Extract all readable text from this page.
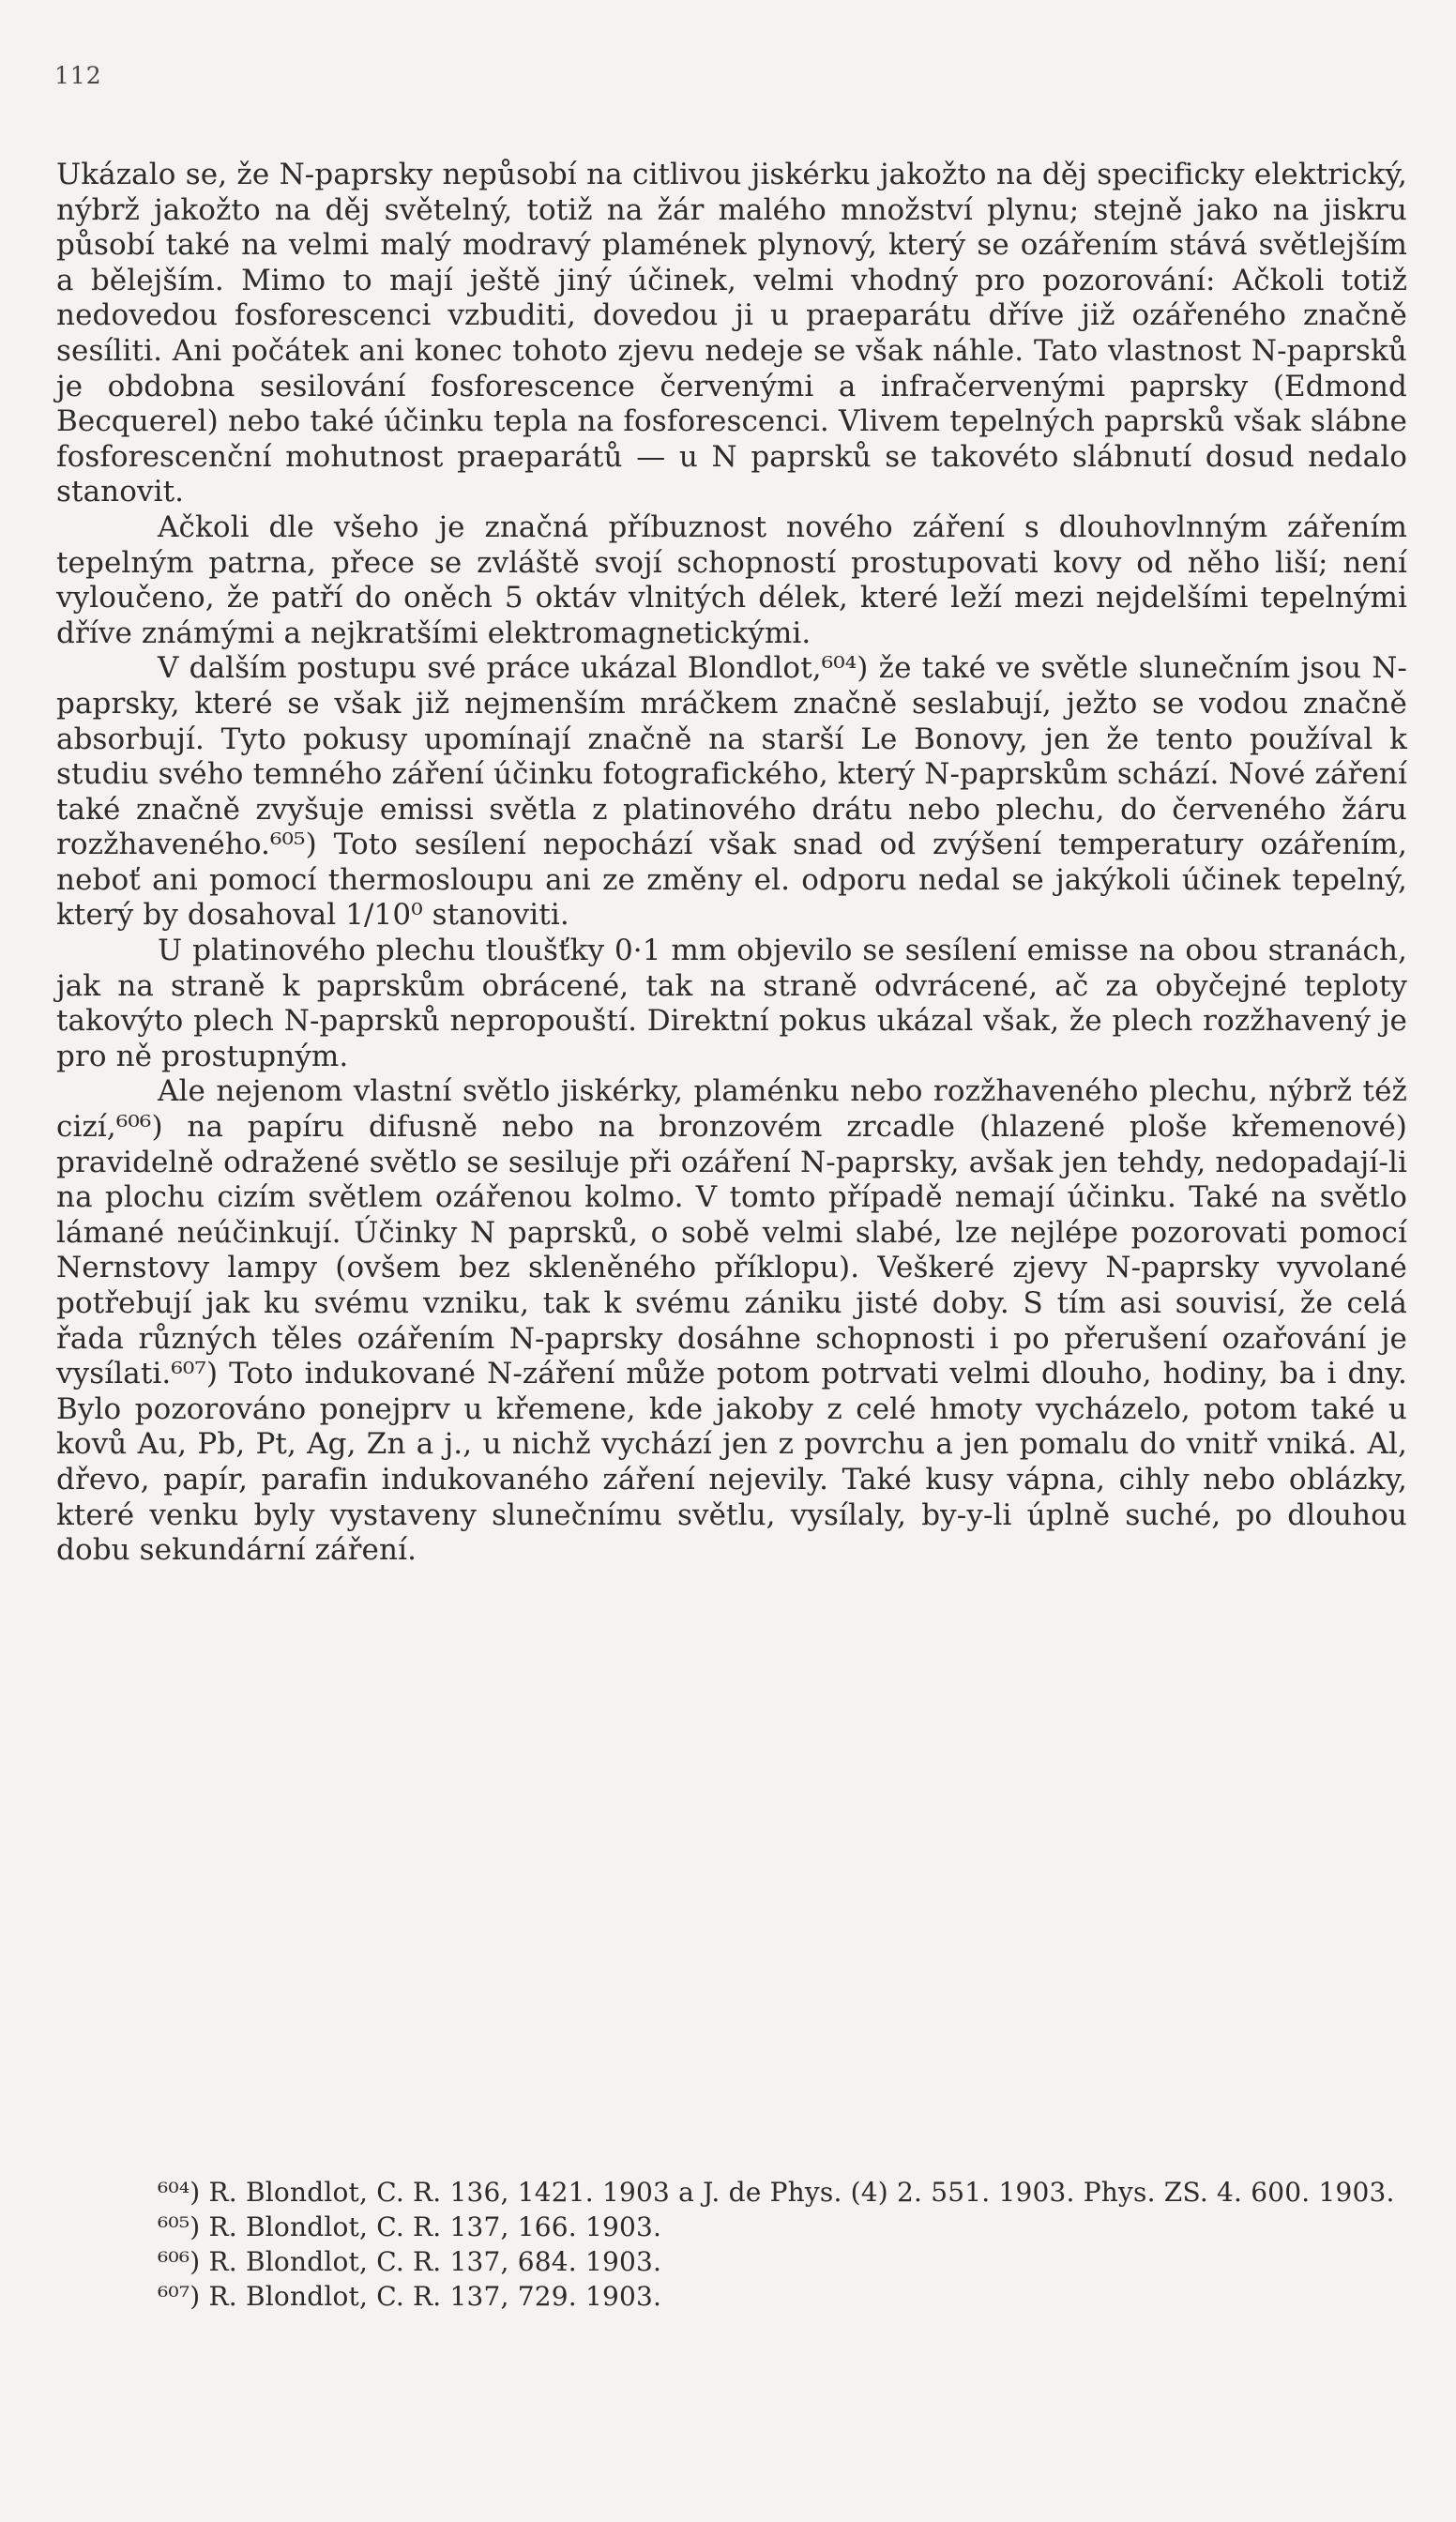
112

Ukázalo se, že N-paprsky nepůsobí na citlivou jiskérku jakožto na děj specificky elektrický, nýbrž jakožto na děj světelný, totiž na žár malého množství plynu; stejně jako na jiskru působí také na velmi malý modravý plamének plynový, který se ozářením stává světlejším a bělejším. Mimo to mají ještě jiný účinek, velmi vhodný pro pozorování: Ačkoli totiž nedovedou fosforescenci vzbuditi, dovedou ji u praeparátu dříve již ozářeného značně sesíliti. Ani počátek ani konec tohoto zjevu nedeje se však náhle. Tato vlastnost N-paprsků je obdobna sesilování fosforescence červenými a infračervenými paprsky (Edmond Becquerel) nebo také účinku tepla na fosforescenci. Vlivem tepelných paprsků však slábne fosforescenční mohutnost praeparátů — u N paprsků se takovéto slábnutí dosud nedalo stanovit.

Ačkoli dle všeho je značná příbuznost nového záření s dlouhovlnným zářením tepelným patrna, přece se zvláště svojí schopností prostupovati kovy od něho liší; není vyloučeno, že patří do oněch 5 oktáv vlnitých délek, které leží mezi nejdelšími tepelnými dříve známými a nejkratšími elektromagnetickými.

V dalším postupu své práce ukázal Blondlot,⁶⁰⁴) že také ve světle slunečním jsou N-paprsky, které se však již nejmenším mráčkem značně seslabují, ježto se vodou značně absorbují. Tyto pokusy upomínají značně na starší Le Bonovy, jen že tento používal k studiu svého temného záření účinku fotografického, který N-paprskům schází. Nové záření také značně zvyšuje emissi světla z platinového drátu nebo plechu, do červeného žáru rozžhaveného.⁶⁰⁵) Toto sesílení nepochází však snad od zvýšení temperatury ozářením, neboť ani pomocí thermosloupu ani ze změny el. odporu nedal se jakýkoli účinek tepelný, který by dosahoval 1/10⁰ stanoviti.

U platinového plechu tloušťky 0·1 mm objevilo se sesílení emisse na obou stranách, jak na straně k paprskům obrácené, tak na straně odvrácené, ač za obyčejné teploty takovýto plech N-paprsků nepropouští. Direktní pokus ukázal však, že plech rozžhavený je pro ně prostupným.

Ale nejenom vlastní světlo jiskérky, plaménku nebo rozžhaveného plechu, nýbrž též cizí,⁶⁰⁶) na papíru difusně nebo na bronzovém zrcadle (hlazené ploše křemenové) pravidelně odražené světlo se sesiluje při ozáření N-paprsky, avšak jen tehdy, nedopadají-li na plochu cizím světlem ozářenou kolmo. V tomto případě nemají účinku. Také na světlo lámané neúčinkují. Účinky N paprsků, o sobě velmi slabé, lze nejlépe pozorovati pomocí Nernstovy lampy (ovšem bez skleněného příklopu). Veškeré zjevy N-paprsky vyvolané potřebují jak ku svému vzniku, tak k svému zániku jisté doby. S tím asi souvisí, že celá řada různých těles ozářením N-paprsky dosáhne schopnosti i po přerušení ozařování je vysílati.⁶⁰⁷) Toto indukované N-záření může potom potrvati velmi dlouho, hodiny, ba i dny. Bylo pozorováno ponejprv u křemene, kde jakoby z celé hmoty vycházelo, potom také u kovů Au, Pb, Pt, Ag, Zn a j., u nichž vychází jen z povrchu a jen pomalu do vnitř vniká. Al, dřevo, papír, parafin indukovaného záření nejevily. Také kusy vápna, cihly nebo oblázky, které venku byly vystaveny slunečnímu světlu, vysílaly, by-y-li úplně suché, po dlouhou dobu sekundární záření.

⁶⁰⁴) R. Blondlot, C. R. 136, 1421. 1903 a J. de Phys. (4) 2. 551. 1903. Phys. ZS. 4. 600. 1903.
⁶⁰⁵) R. Blondlot, C. R. 137, 166. 1903.
⁶⁰⁶) R. Blondlot, C. R. 137, 684. 1903.
⁶⁰⁷) R. Blondlot, C. R. 137, 729. 1903.
